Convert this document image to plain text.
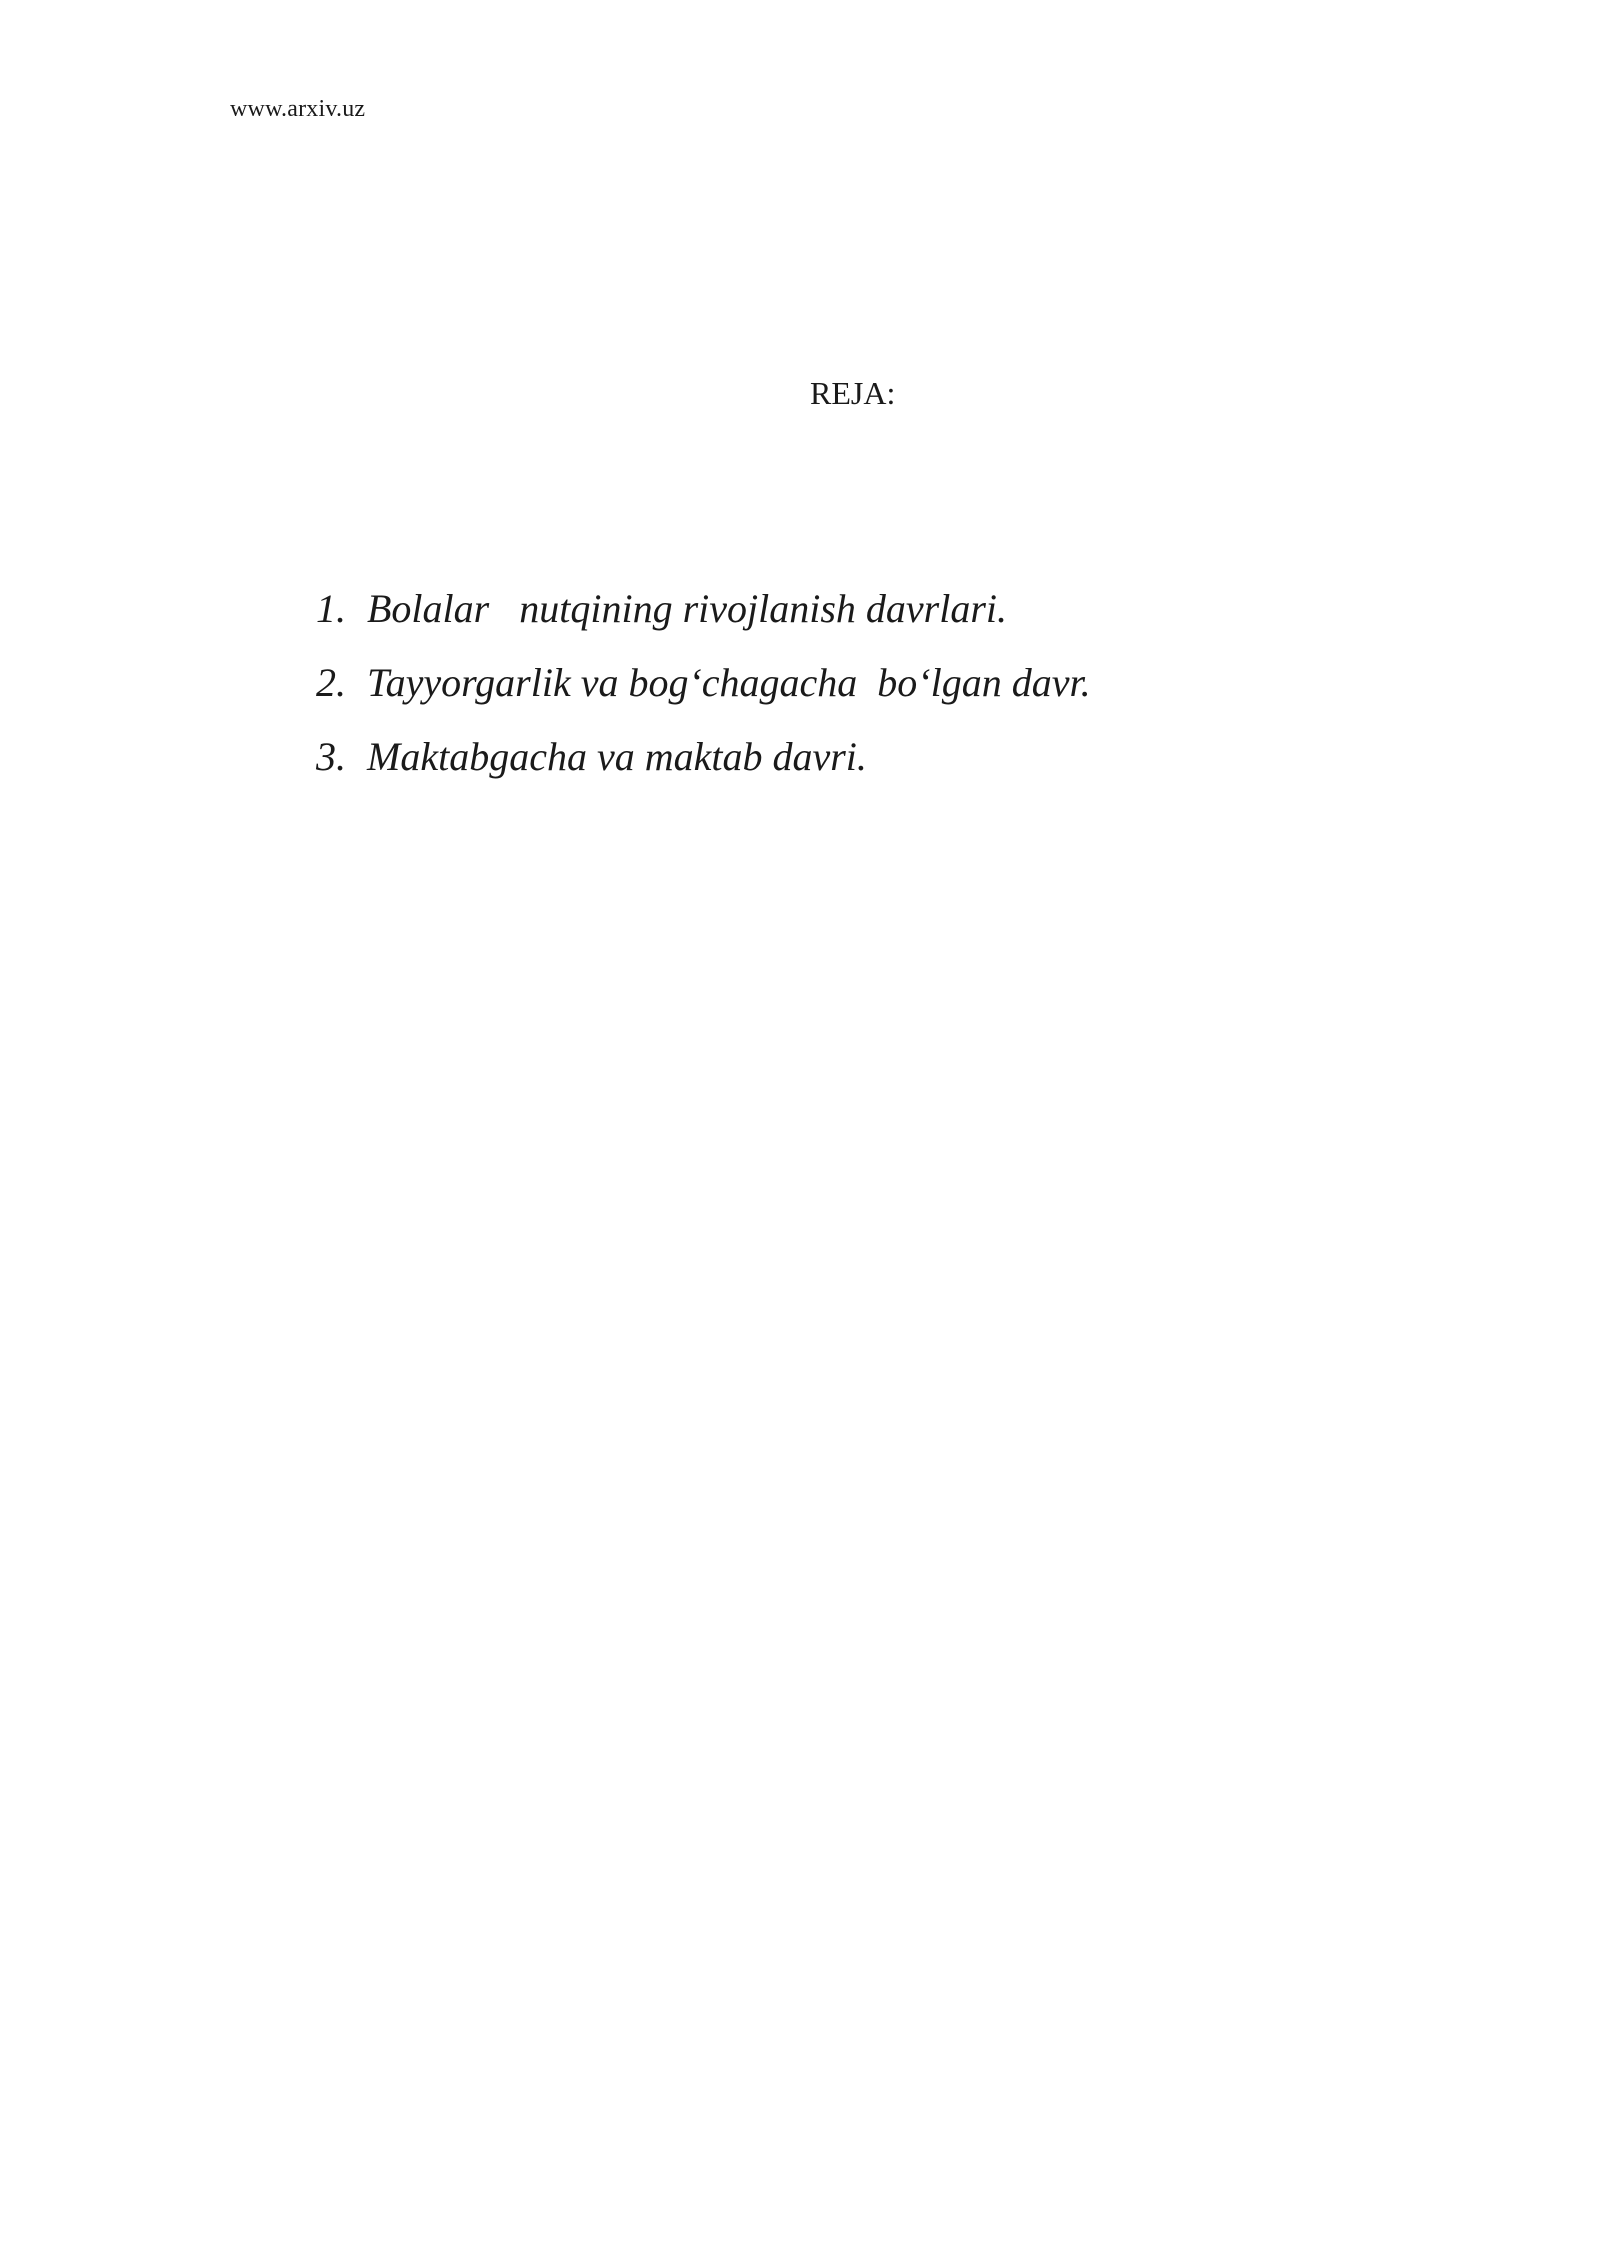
www.arxiv.uz
REJA:

1. Bolalar   nutqining rivojlanish davrlari.

2. Tayyorgarlik va bog‘chagacha  bo‘lgan davr.

3. Maktabgacha va maktab davri.
